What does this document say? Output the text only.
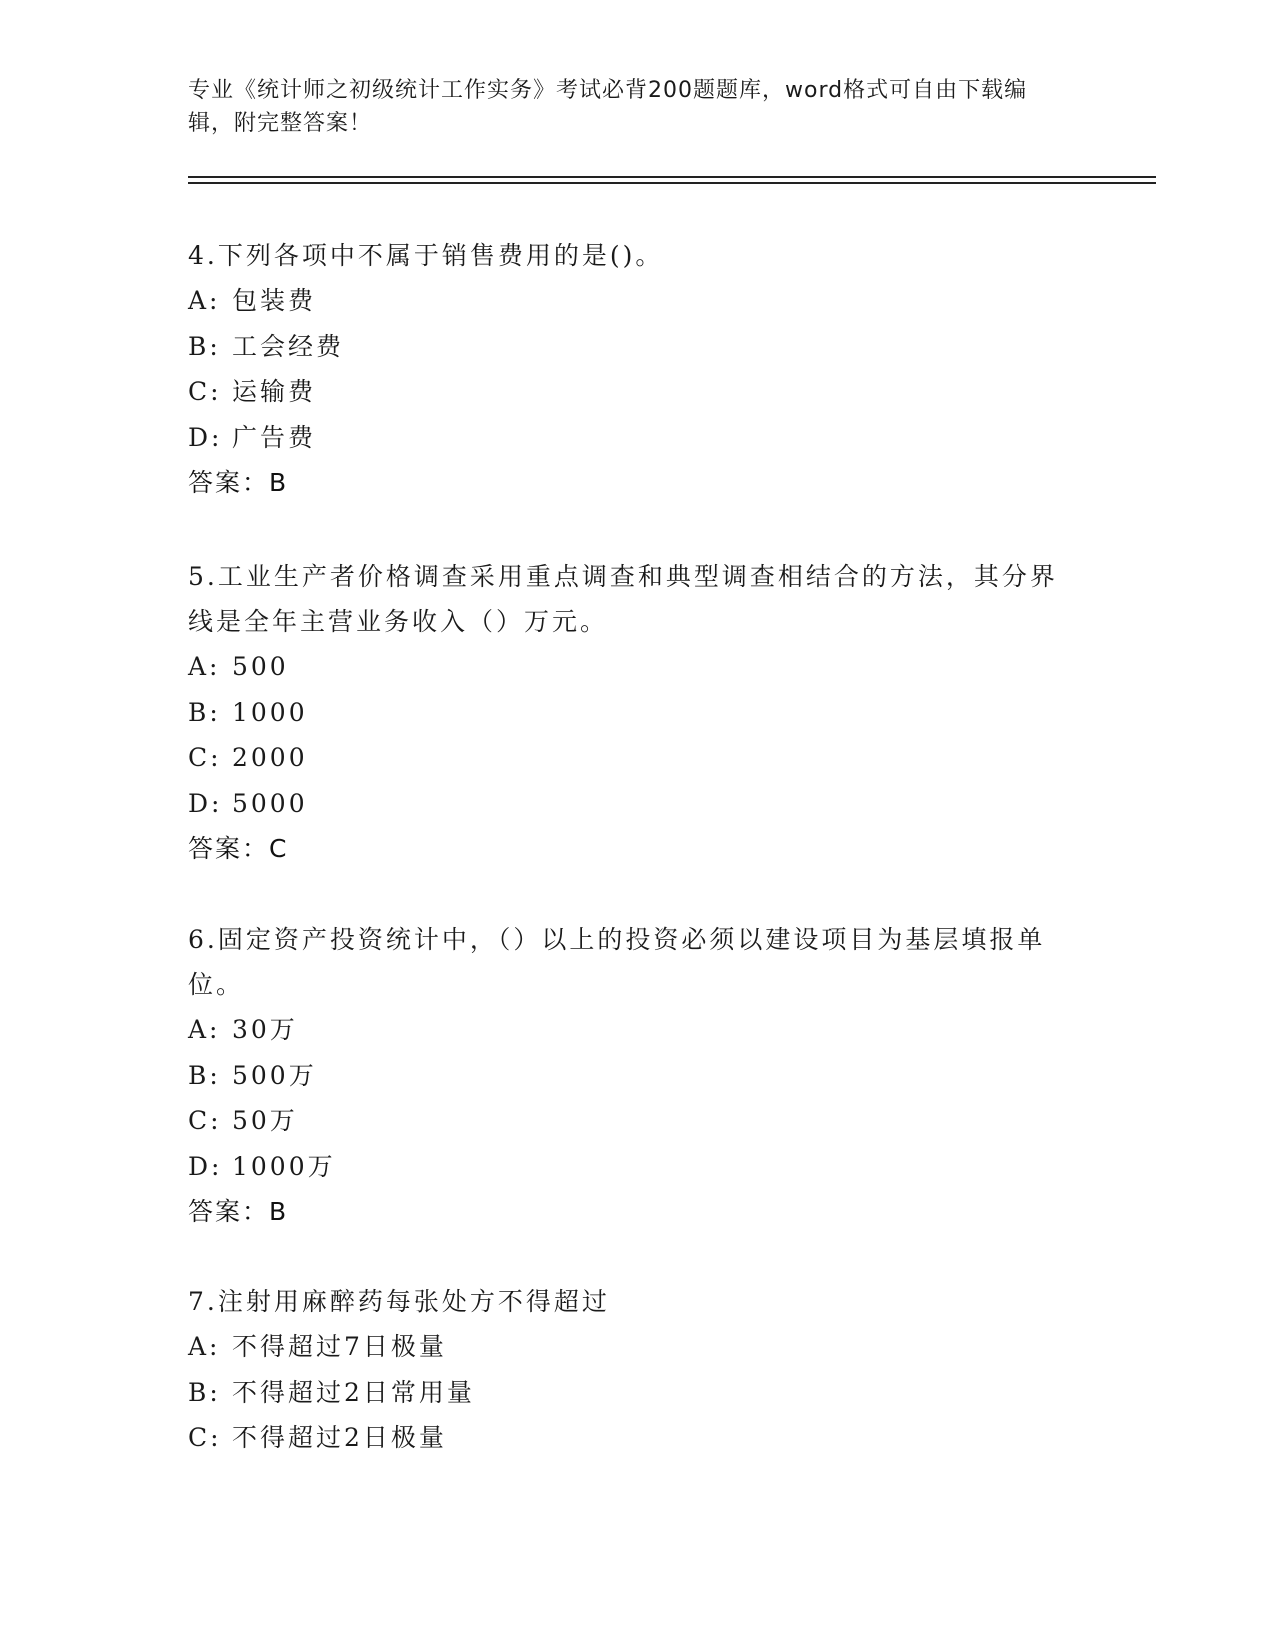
专业《统计师之初级统计工作实务》考试必背200题题库，word格式可自由下载编辑，附完整答案！
4.下列各项中不属于销售费用的是()。
A: 包装费
B: 工会经费
C: 运输费
D: 广告费
答案：B
5.工业生产者价格调查采用重点调查和典型调查相结合的方法，其分界线是全年主营业务收入（）万元。
A: 500
B: 1000
C: 2000
D: 5000
答案：C
6.固定资产投资统计中，（）以上的投资必须以建设项目为基层填报单位。
A: 30万
B: 500万
C: 50万
D: 1000万
答案：B
7.注射用麻醉药每张处方不得超过
A: 不得超过7日极量
B: 不得超过2日常用量
C: 不得超过2日极量
